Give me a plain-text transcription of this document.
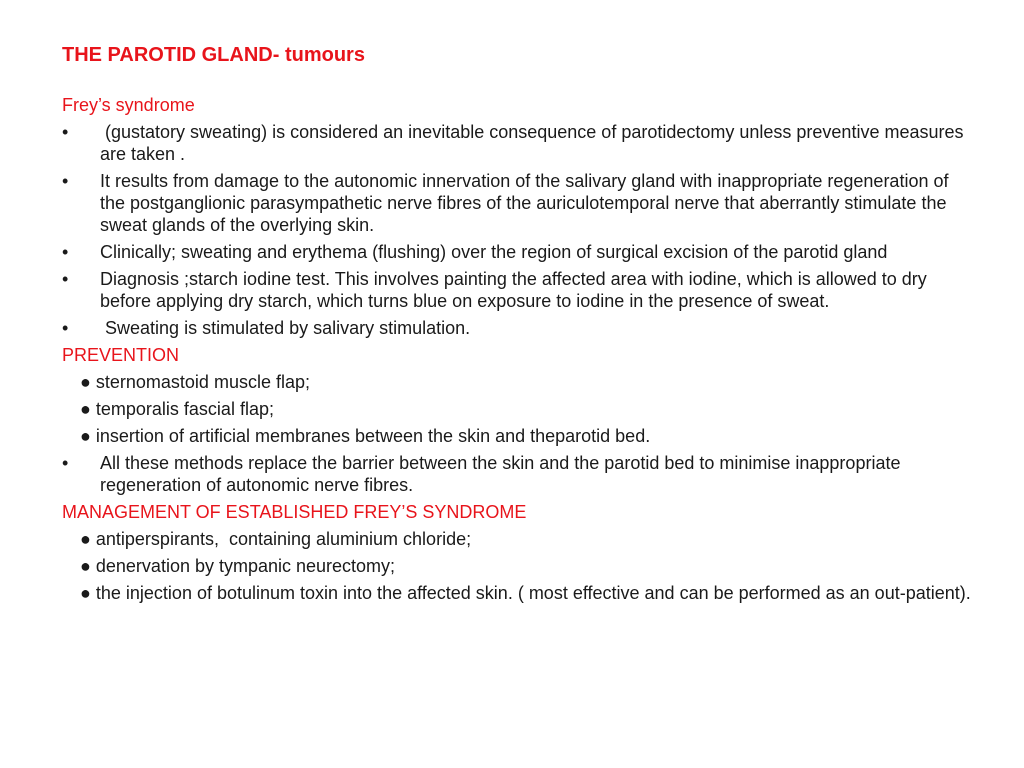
THE PAROTID GLAND- tumours
Frey’s syndrome
• (gustatory sweating) is considered an inevitable consequence of parotidectomy unless preventive measures are taken .
• It results from damage to the autonomic innervation of the salivary gland with inappropriate regeneration of the postganglionic parasympathetic nerve fibres of the auriculotemporal nerve that aberrantly stimulate the sweat glands of the overlying skin.
• Clinically; sweating and erythema (flushing) over the region of surgical excision of the parotid gland
• Diagnosis ;starch iodine test. This involves painting the affected area with iodine, which is allowed to dry before applying dry starch, which turns blue on exposure to iodine in the presence of sweat.
• Sweating is stimulated by salivary stimulation.
PREVENTION
● sternomastoid muscle flap;
● temporalis fascial flap;
● insertion of artificial membranes between the skin and theparotid bed.
• All these methods replace the barrier between the skin and the parotid bed to minimise inappropriate regeneration of autonomic nerve fibres.
MANAGEMENT OF ESTABLISHED FREY’S SYNDROME
● antiperspirants,  containing aluminium chloride;
● denervation by tympanic neurectomy;
● the injection of botulinum toxin into the affected skin. ( most effective and can be performed as an out-patient).
